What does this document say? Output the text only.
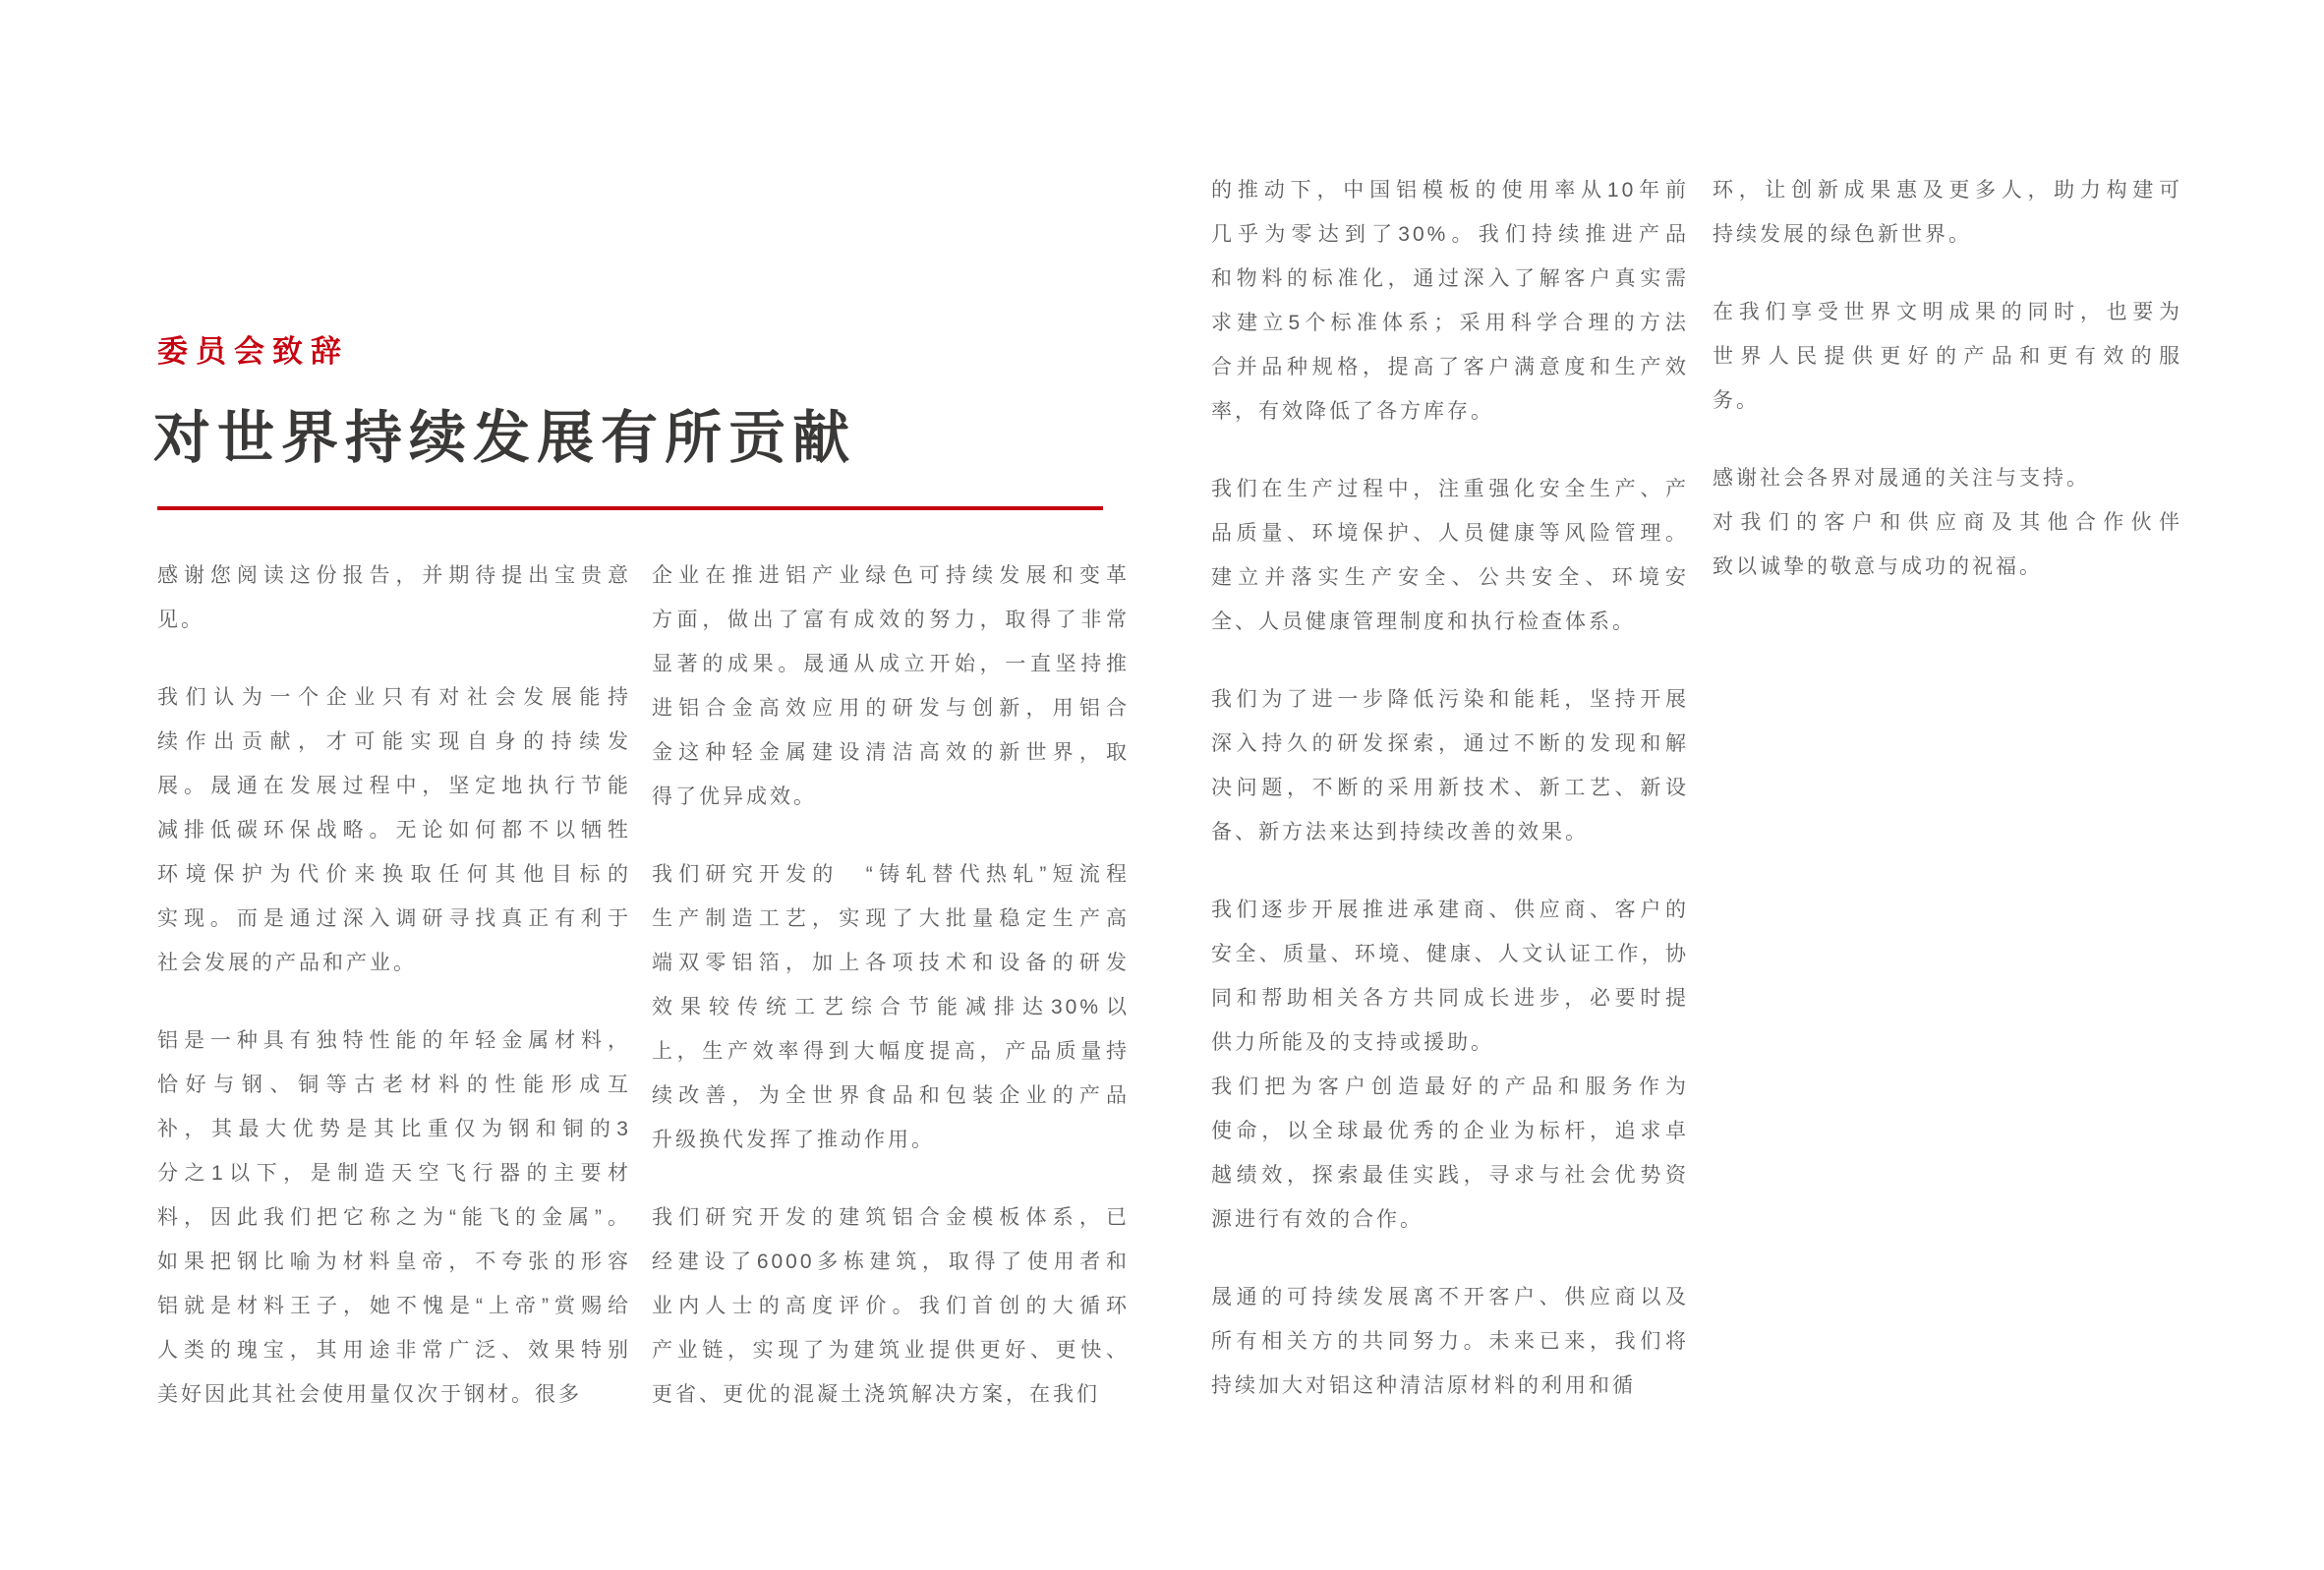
委员会致辞
对世界持续发展有所贡献
感谢您阅读这份报告，并期待提出宝贵意
见。
我们认为一个企业只有对社会发展能持
续作出贡献，才可能实现自身的持续发
展。晟通在发展过程中，坚定地执行节能
减排低碳环保战略。无论如何都不以牺牲
环境保护为代价来换取任何其他目标的
实现。而是通过深入调研寻找真正有利于
社会发展的产品和产业。
铝是一种具有独特性能的年轻金属材料，
恰好与钢、铜等古老材料的性能形成互
补，其最大优势是其比重仅为钢和铜的3
分之1以下，是制造天空飞行器的主要材
料，因此我们把它称之为“能飞的金属”。
如果把钢比喻为材料皇帝，不夸张的形容
铝就是材料王子，她不愧是“上帝”赏赐给
人类的瑰宝，其用途非常广泛、效果特别
美好因此其社会使用量仅次于钢材。很多
企业在推进铝产业绿色可持续发展和变革
方面，做出了富有成效的努力，取得了非常
显著的成果。晟通从成立开始，一直坚持推
进铝合金高效应用的研发与创新，用铝合
金这种轻金属建设清洁高效的新世界，取
得了优异成效。
我们研究开发的　“铸轧替代热轧”短流程
生产制造工艺，实现了大批量稳定生产高
端双零铝箔，加上各项技术和设备的研发
效果较传统工艺综合节能减排达30%以
上，生产效率得到大幅度提高，产品质量持
续改善，为全世界食品和包装企业的产品
升级换代发挥了推动作用。
我们研究开发的建筑铝合金模板体系，已
经建设了6000多栋建筑，取得了使用者和
业内人士的高度评价。我们首创的大循环
产业链，实现了为建筑业提供更好、更快、
更省、更优的混凝土浇筑解决方案，在我们
的推动下，中国铝模板的使用率从10年前
几乎为零达到了30%。我们持续推进产品
和物料的标准化，通过深入了解客户真实需
求建立5个标准体系；采用科学合理的方法
合并品种规格，提高了客户满意度和生产效
率，有效降低了各方库存。
我们在生产过程中，注重强化安全生产、产
品质量、环境保护、人员健康等风险管理。
建立并落实生产安全、公共安全、环境安
全、人员健康管理制度和执行检查体系。
我们为了进一步降低污染和能耗，坚持开展
深入持久的研发探索，通过不断的发现和解
决问题，不断的采用新技术、新工艺、新设
备、新方法来达到持续改善的效果。
我们逐步开展推进承建商、供应商、客户的
安全、质量、环境、健康、人文认证工作，协
同和帮助相关各方共同成长进步，必要时提
供力所能及的支持或援助。
我们把为客户创造最好的产品和服务作为
使命，以全球最优秀的企业为标杆，追求卓
越绩效，探索最佳实践，寻求与社会优势资
源进行有效的合作。
晟通的可持续发展离不开客户、供应商以及
所有相关方的共同努力。未来已来，我们将
持续加大对铝这种清洁原材料的利用和循
环，让创新成果惠及更多人，助力构建可
持续发展的绿色新世界。
在我们享受世界文明成果的同时，也要为
世界人民提供更好的产品和更有效的服
务。
感谢社会各界对晟通的关注与支持。
对我们的客户和供应商及其他合作伙伴
致以诚挚的敬意与成功的祝福。
